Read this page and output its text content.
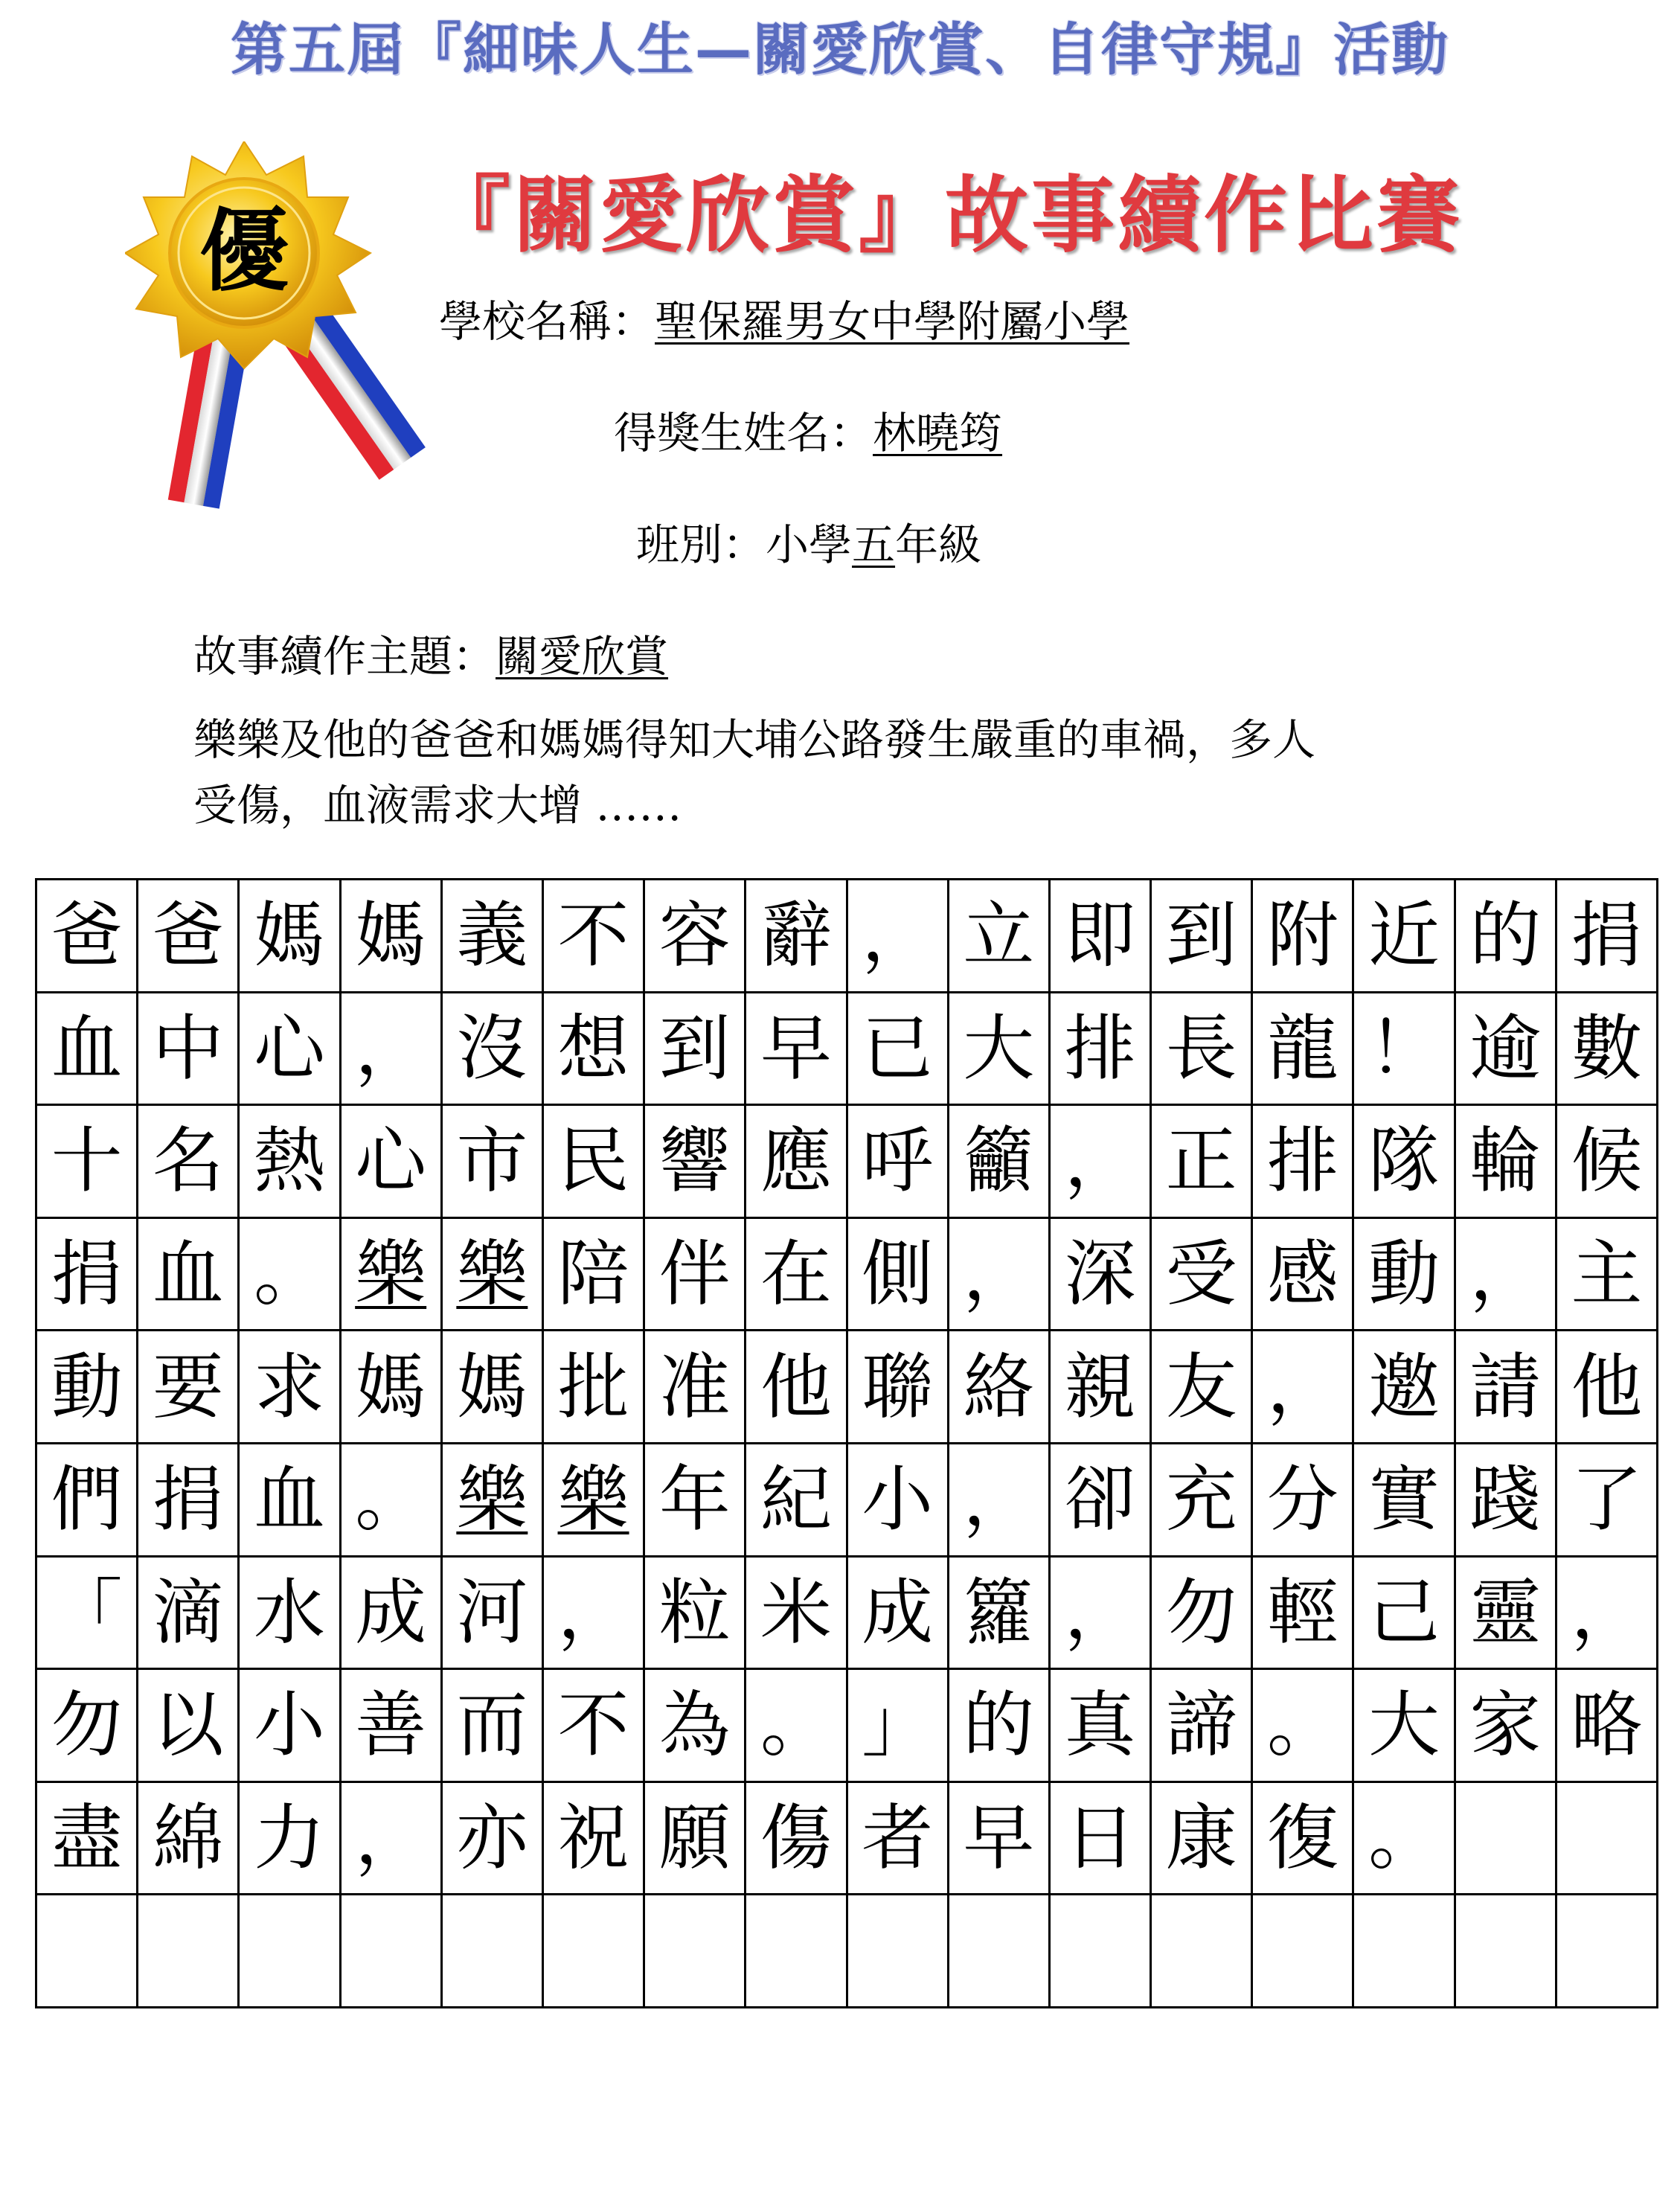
第五屆『細味人生—關愛欣賞、自律守規』活動
優	『關愛欣賞』故事續作比賽
學校名稱：聖保羅男女中學附屬小學
得獎生姓名：林曉筠
班別：小學五年級
故事續作主題：關愛欣賞
樂樂及他的爸爸和媽媽得知大埔公路發生嚴重的車禍，多人
受傷，血液需求大增 ……
爸 爸 媽 媽 義 不 容 辭 ， 立 即 到 附 近 的 捐
血 中 心 ， 沒 想 到 早 已 大 排 長 龍 ！ 逾 數
十 名 熱 心 市 民 響 應 呼 籲 ， 正 排 隊 輪 候
捐 血 。 樂 樂 陪 伴 在 側 ， 深 受 感 動 ， 主
動 要 求 媽 媽 批 准 他 聯 絡 親 友 ， 邀 請 他
們 捐 血 。 樂 樂 年 紀 小 ， 卻 充 分 實 踐 了
「 滴 水 成 河 ， 粒 米 成 籮 ， 勿 輕 己 靈 ，
勿 以 小 善 而 不 為 。 」 的 真 諦 。 大 家 略
盡 綿 力 ， 亦 祝 願 傷 者 早 日 康 復 。
